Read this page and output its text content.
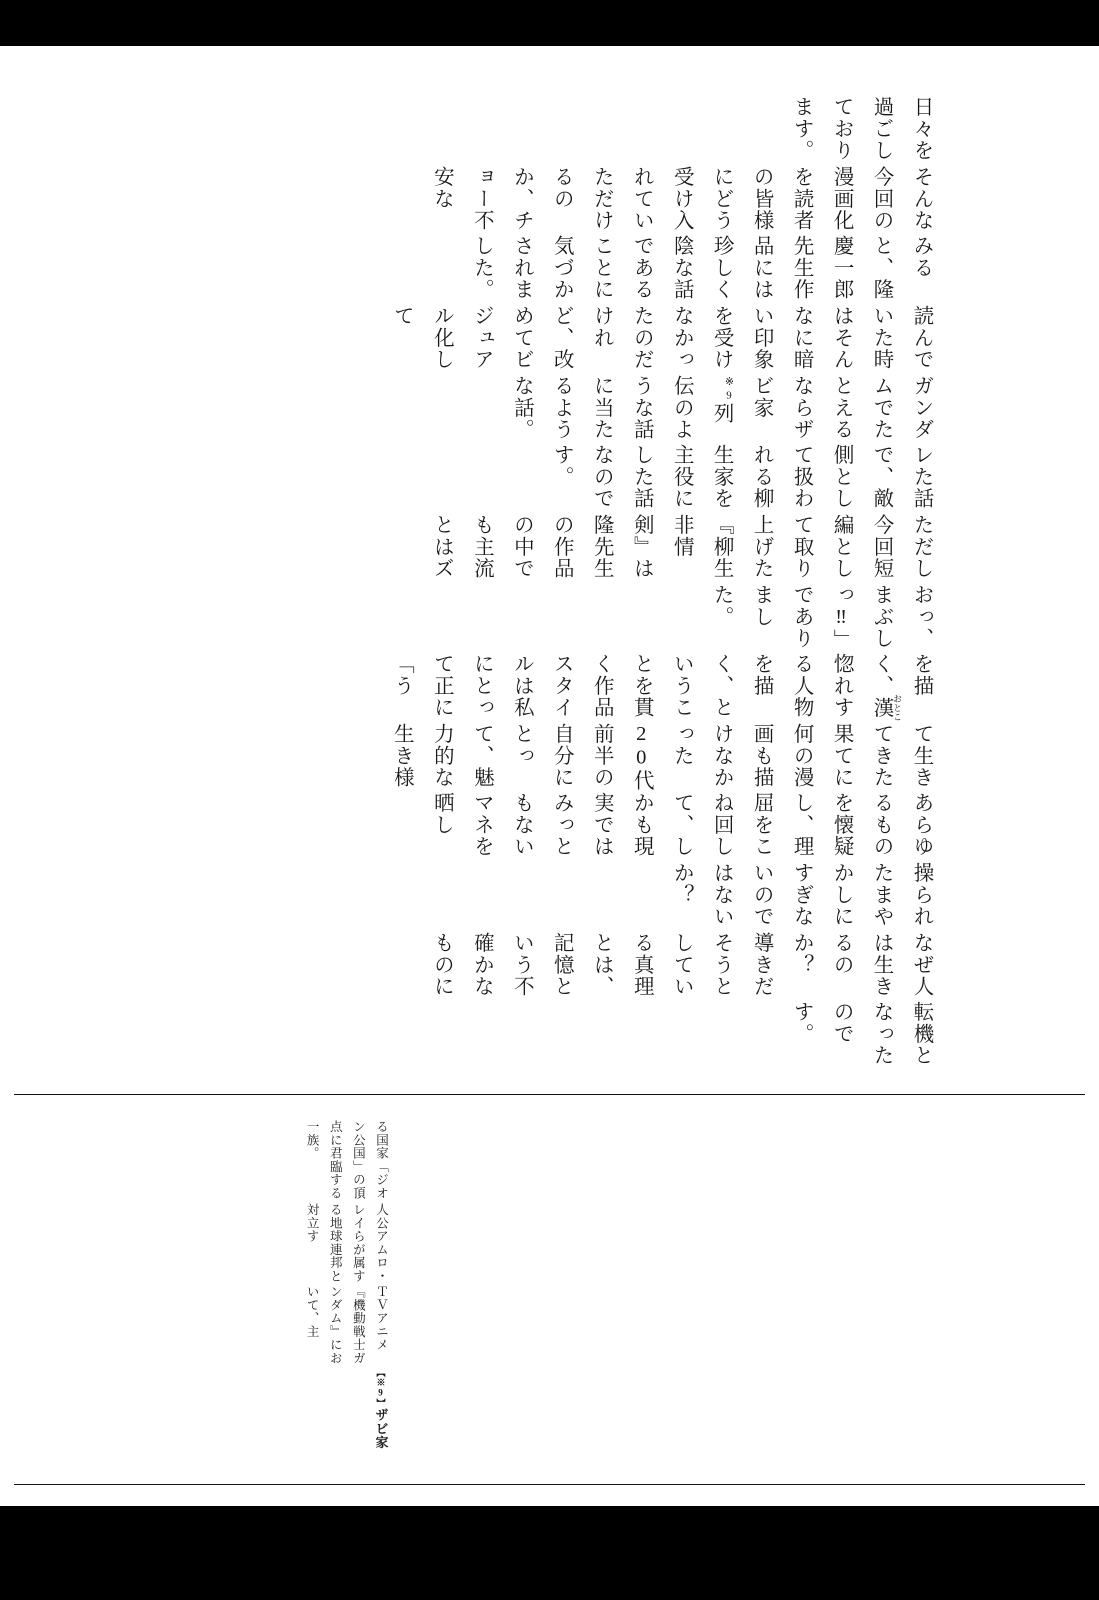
転機となったのです。

なぜ人は生きるのか？　導きだそうとしている真理とは、記憶という不確かなものに

操られたまやかしにすぎないのではないか？

あらゆるものを懐疑し、理屈をこね回して、しかも現実ではみっともないマネを晒し

て生きてきた果てに何の漫画も描けなかった20代前半の自分にとって、魅力的な生き様

を描く、漢 おとこ惚れする人物を描く、ということを貫く作品スタイルは私にとって正に「う

おっ、まぶしっ‼」でありました。

ただし今回短編として取り上げた『柳生非情剣』は隆先生の作品の中でも主流とはズ

レた話で、敵側として扱われる柳生家を主役にした話なのです。

ガンダムでたとえるならザビ家$^{※9}$列伝のような話に当たるような話。

読んでいた時はそんなに暗い印象を受けなかったのだけれど、改めてビジュアル化して

みると、隆慶一郎先生作品には珍しく陰な話であることに気づかされました。

そんな今回の漫画化を読者の皆様にどう受け入れていただけるのか、チョー不安な

日々を過ごしております。

【※9】ザビ家

ＴＶアニメ『機動戦士ガンダム』において、主

人公アムロ・レイらが属する地球連邦と対立す

る国家「ジオン公国」の頂点に君臨する一族。
